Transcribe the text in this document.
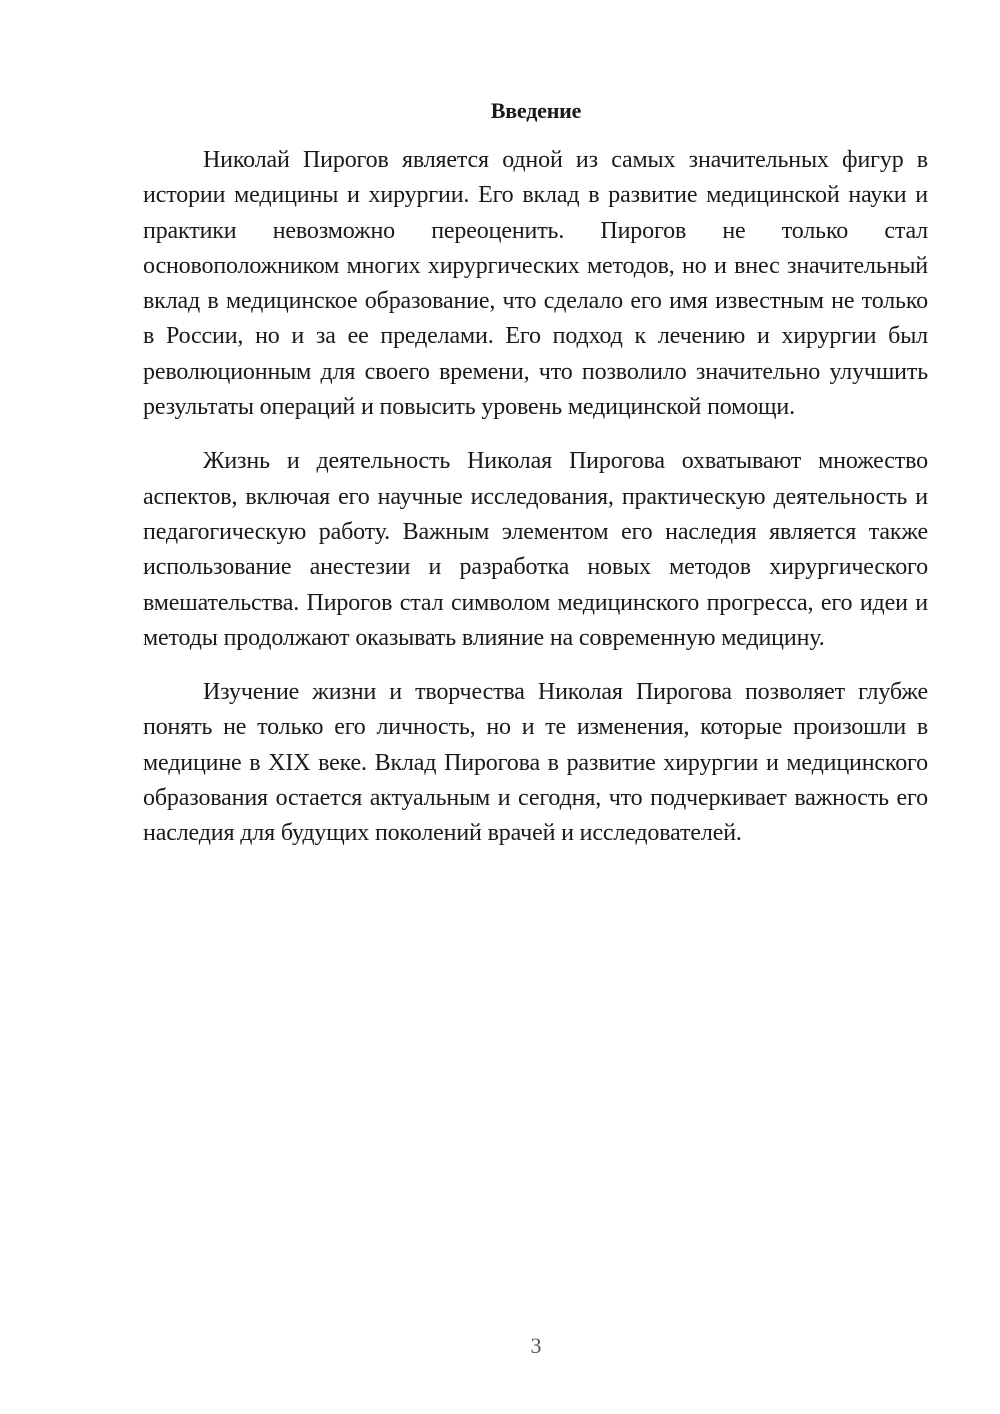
Введение

Николай Пирогов является одной из самых значительных фигур в истории медицины и хирургии. Его вклад в развитие медицинской науки и практики невозможно переоценить. Пирогов не только стал основоположником многих хирургических методов, но и внес значительный вклад в медицинское образование, что сделало его имя известным не только в России, но и за ее пределами. Его подход к лечению и хирургии был революционным для своего времени, что позволило значительно улучшить результаты операций и повысить уровень медицинской помощи.

Жизнь и деятельность Николая Пирогова охватывают множество аспектов, включая его научные исследования, практическую деятельность и педагогическую работу. Важным элементом его наследия является также использование анестезии и разработка новых методов хирургического вмешательства. Пирогов стал символом медицинского прогресса, его идеи и методы продолжают оказывать влияние на современную медицину.

Изучение жизни и творчества Николая Пирогова позволяет глубже понять не только его личность, но и те изменения, которые произошли в медицине в XIX веке. Вклад Пирогова в развитие хирургии и медицинского образования остается актуальным и сегодня, что подчеркивает важность его наследия для будущих поколений врачей и исследователей.

3
